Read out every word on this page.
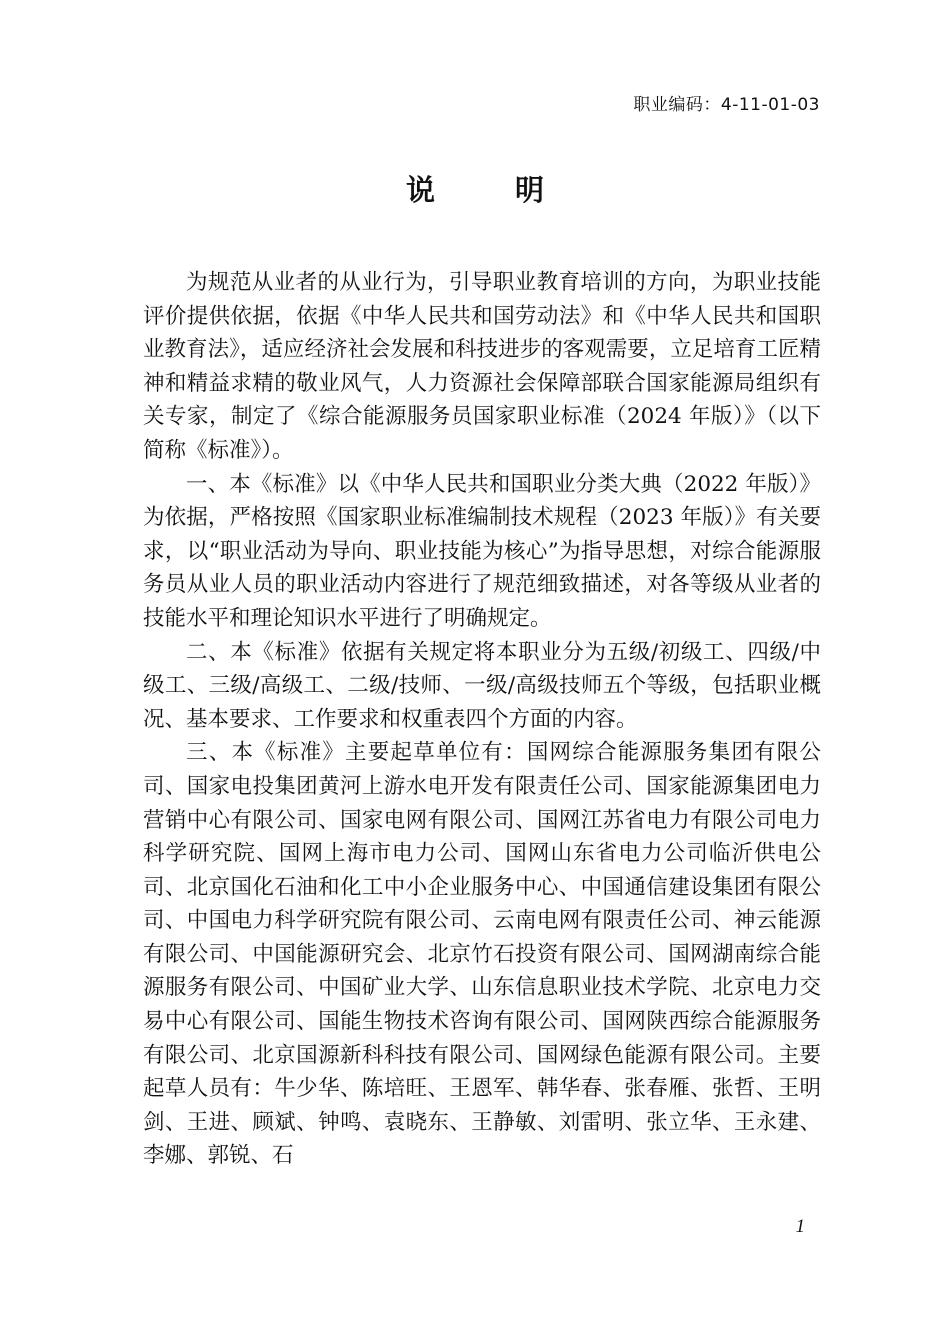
职业编码：4-11-01-03
说明

为规范从业者的从业行为，引导职业教育培训的方向，为职业技能评价提供依据，依据《中华人民共和国劳动法》和《中华人民共和国职业教育法》，适应经济社会发展和科技进步的客观需要，立足培育工匠精神和精益求精的敬业风气，人力资源社会保障部联合国家能源局组织有关专家，制定了《综合能源服务员国家职业标准（2024 年版）》（以下简称《标准》）。

一、本《标准》以《中华人民共和国职业分类大典（2022 年版）》为依据，严格按照《国家职业标准编制技术规程（2023 年版）》有关要求，以“职业活动为导向、职业技能为核心”为指导思想，对综合能源服务员从业人员的职业活动内容进行了规范细致描述，对各等级从业者的技能水平和理论知识水平进行了明确规定。

二、本《标准》依据有关规定将本职业分为五级/初级工、四级/中级工、三级/高级工、二级/技师、一级/高级技师五个等级，包括职业概况、基本要求、工作要求和权重表四个方面的内容。

三、本《标准》主要起草单位有：国网综合能源服务集团有限公司、国家电投集团黄河上游水电开发有限责任公司、国家能源集团电力营销中心有限公司、国家电网有限公司、国网江苏省电力有限公司电力科学研究院、国网上海市电力公司、国网山东省电力公司临沂供电公司、北京国化石油和化工中小企业服务中心、中国通信建设集团有限公司、中国电力科学研究院有限公司、云南电网有限责任公司、神云能源有限公司、中国能源研究会、北京竹石投资有限公司、国网湖南综合能源服务有限公司、中国矿业大学、山东信息职业技术学院、北京电力交易中心有限公司、国能生物技术咨询有限公司、国网陕西综合能源服务有限公司、北京国源新科科技有限公司、国网绿色能源有限公司。主要起草人员有：牛少华、陈培旺、王恩军、韩华春、张春雁、张哲、王明剑、王进、顾斌、钟鸣、袁晓东、王静敏、刘雷明、张立华、王永建、李娜、郭锐、石

1
